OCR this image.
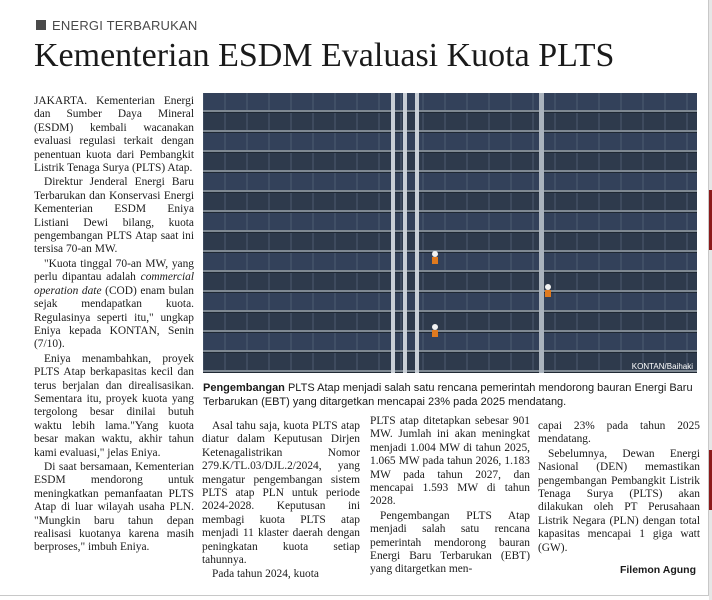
ENERGI TERBARUKAN
Kementerian ESDM Evaluasi Kuota PLTS

JAKARTA. Kementerian Energi dan Sumber Daya Mineral (ESDM) kembali wacanakan evaluasi regulasi terkait dengan penentuan kuota dari Pembangkit Listrik Tenaga Surya (PLTS) Atap.

Direktur Jenderal Energi Baru Terbarukan dan Konservasi Energi Kementerian ESDM Eniya Listiani Dewi bilang, kuota pengembangan PLTS Atap saat ini tersisa 70-an MW.

"Kuota tinggal 70-an MW, yang perlu dipantau adalah commercial operation date (COD) enam bulan sejak mendapatkan kuota. Regulasinya seperti itu," ungkap Eniya kepada KONTAN, Senin (7/10).

Eniya menambahkan, proyek PLTS Atap berkapasitas kecil dan terus berjalan dan direalisasikan. Sementara itu, proyek kuota yang tergolong besar dinilai butuh waktu lebih lama."Yang kuota besar makan waktu, akhir tahun kami evaluasi," jelas Eniya.

Di saat bersamaan, Kementerian ESDM mendorong untuk meningkatkan pemanfaatan PLTS Atap di luar wilayah usaha PLN. "Mungkin baru tahun depan realisasi kuotanya karena masih berproses," imbuh Eniya.

KONTAN/Baihaki
Pengembangan PLTS Atap menjadi salah satu rencana pemerintah mendorong bauran Energi Baru Terbarukan (EBT) yang ditargetkan mencapai 23% pada 2025 mendatang.

Asal tahu saja, kuota PLTS atap diatur dalam Keputusan Dirjen Ketenagalistrikan Nomor 279.K/TL.03/DJL.2/2024, yang mengatur pengembangan sistem PLTS atap PLN untuk periode 2024-2028. Keputusan ini membagi kuota PLTS atap menjadi 11 klaster daerah dengan peningkatan kuota setiap tahunnya.

Pada tahun 2024, kuota

PLTS atap ditetapkan sebesar 901 MW. Jumlah ini akan meningkat menjadi 1.004 MW di tahun 2025, 1.065 MW pada tahun 2026, 1.183 MW pada tahun 2027, dan mencapai 1.593 MW di tahun 2028.

Pengembangan PLTS Atap menjadi salah satu rencana pemerintah mendorong bauran Energi Baru Terbarukan (EBT) yang ditargetkan men-

capai 23% pada tahun 2025 mendatang.

Sebelumnya, Dewan Energi Nasional (DEN) memastikan pengembangan Pembangkit Listrik Tenaga Surya (PLTS) akan dilakukan oleh PT Perusahaan Listrik Negara (PLN) dengan total kapasitas mencapai 1 giga watt (GW).

Filemon Agung
